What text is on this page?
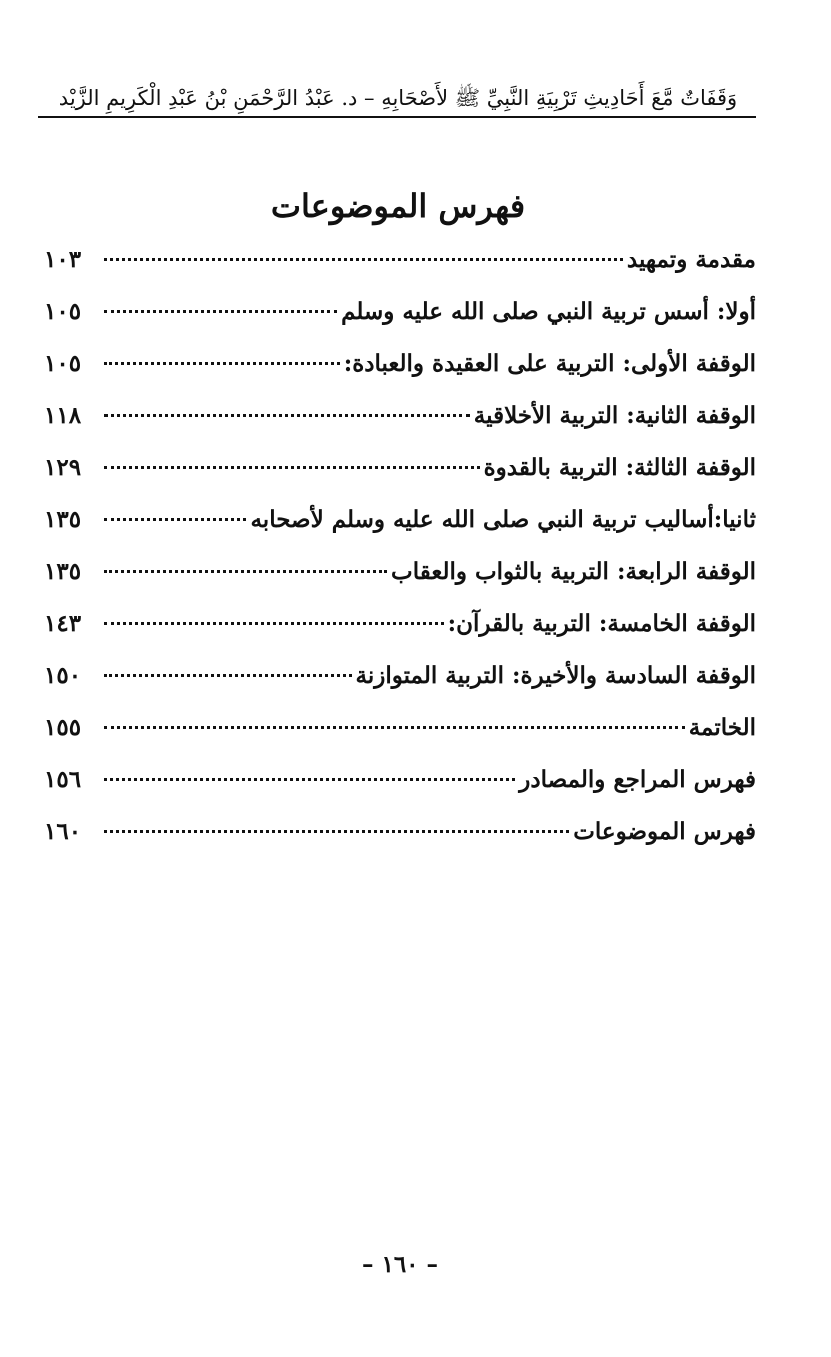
وَقَفَاتٌ مَّعَ أَحَادِيثِ تَرْبِيَةِ النَّبِيِّ ﷺ لأَصْحَابِهِ – د. عَبْدُ الرَّحْمَنِ بْنُ عَبْدِ الْكَرِيمِ الزَّيْد
فهرس الموضوعات
مقدمة وتمهيد
١٠٣
أولا: أسس تربية النبي صلى الله عليه وسلم
١٠٥
الوقفة الأولى: التربية على العقيدة والعبادة:
١٠٥
الوقفة الثانية: التربية الأخلاقية
١١٨
الوقفة الثالثة: التربية بالقدوة
١٢٩
ثانيا:أساليب تربية النبي صلى الله عليه وسلم لأصحابه
١٣٥
الوقفة الرابعة: التربية بالثواب والعقاب
١٣٥
الوقفة الخامسة: التربية بالقرآن:
١٤٣
الوقفة السادسة والأخيرة: التربية المتوازنة
١٥٠
الخاتمة
١٥٥
فهرس المراجع والمصادر
١٥٦
فهرس الموضوعات
١٦٠
– ١٦٠ –
